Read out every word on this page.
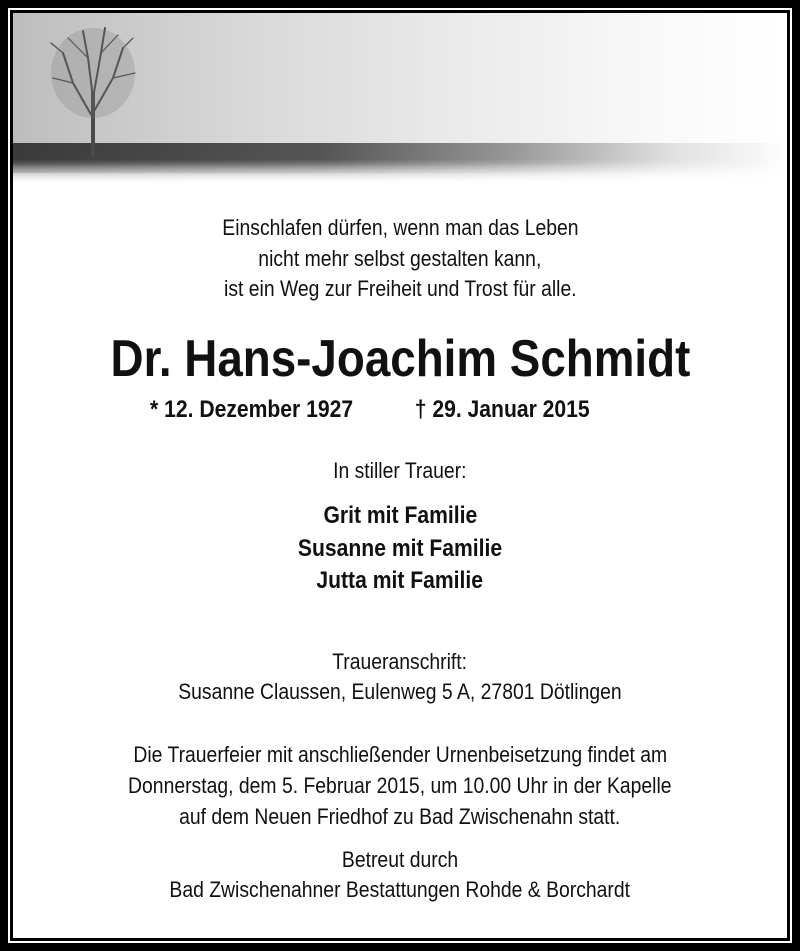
Einschlafen dürfen, wenn man das Leben
nicht mehr selbst gestalten kann,
ist ein Weg zur Freiheit und Trost für alle.
Dr. Hans-Joachim Schmidt
* 12. Dezember 1927	† 29. Januar 2015
In stiller Trauer:
Grit mit Familie
Susanne mit Familie
Jutta mit Familie
Traueranschrift:
Susanne Claussen, Eulenweg 5 A, 27801 Dötlingen
Die Trauerfeier mit anschließender Urnenbeisetzung findet am
Donnerstag, dem 5. Februar 2015, um 10.00 Uhr in der Kapelle
auf dem Neuen Friedhof zu Bad Zwischenahn statt.
Betreut durch
Bad Zwischenahner Bestattungen Rohde & Borchardt
